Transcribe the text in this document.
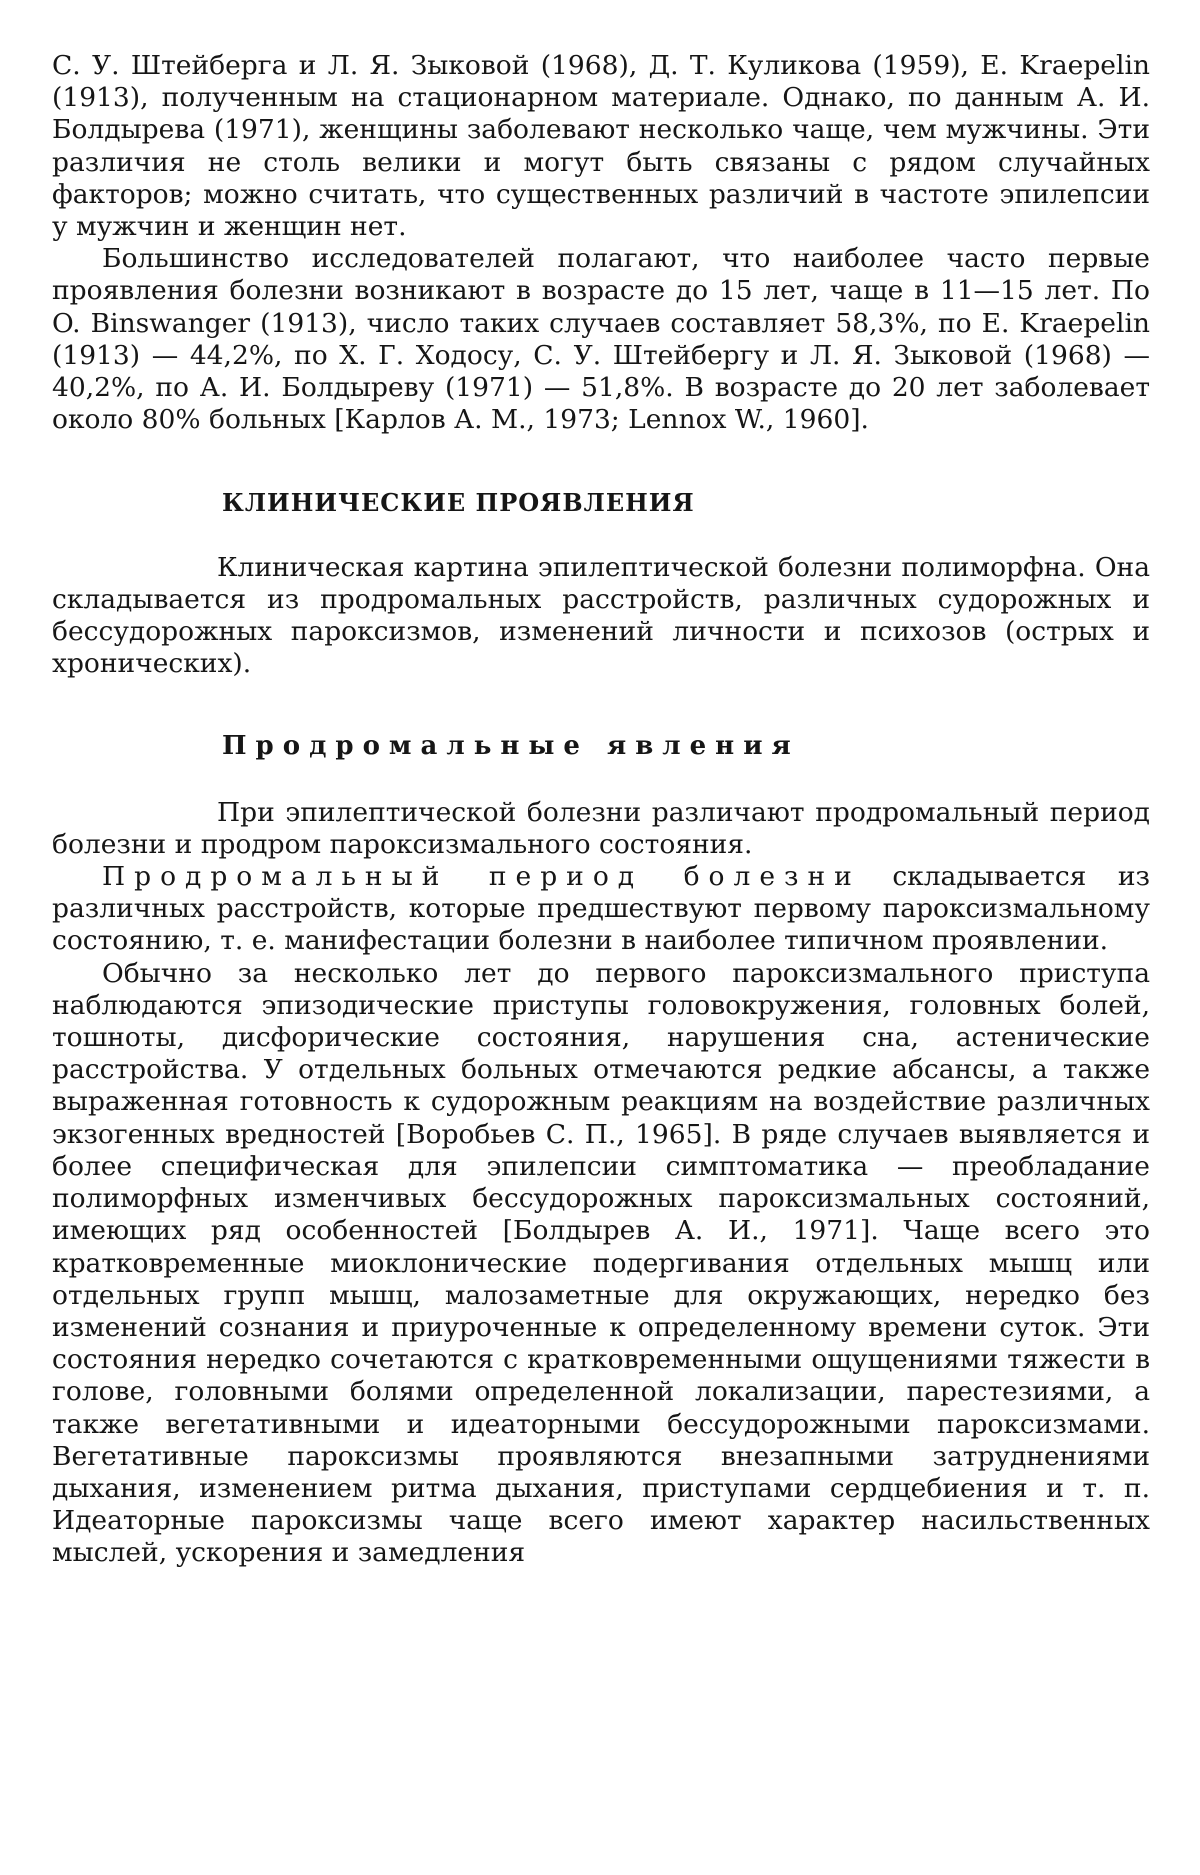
С. У. Штейберга и Л. Я. Зыковой (1968), Д. Т. Куликова (1959), E. Kraepelin (1913), полученным на стационарном материале. Однако, по данным А. И. Болдырева (1971), женщины заболевают несколько чаще, чем мужчины. Эти различия не столь велики и могут быть связаны с рядом случайных факторов; можно считать, что существенных различий в частоте эпилепсии у мужчин и женщин нет.

Большинство исследователей полагают, что наиболее часто первые проявления болезни возникают в возрасте до 15 лет, чаще в 11—15 лет. По O. Binswanger (1913), число таких случаев составляет 58,3%, по E. Kraepelin (1913) — 44,2%, по Х. Г. Ходосу, С. У. Штейбергу и Л. Я. Зыковой (1968) — 40,2%, по А. И. Болдыреву (1971) — 51,8%. В возрасте до 20 лет заболевает около 80% больных [Карлов А. М., 1973; Lennox W., 1960].

КЛИНИЧЕСКИЕ ПРОЯВЛЕНИЯ

Клиническая картина эпилептической болезни полиморфна. Она складывается из продромальных расстройств, различных судорожных и бессудорожных пароксизмов, изменений личности и психозов (острых и хронических).

Продромальные явления

При эпилептической болезни различают продромальный период болезни и продром пароксизмального состояния.

Продромальный период болезни складывается из различных расстройств, которые предшествуют первому пароксизмальному состоянию, т. е. манифестации болезни в наиболее типичном проявлении.

Обычно за несколько лет до первого пароксизмального приступа наблюдаются эпизодические приступы головокружения, головных болей, тошноты, дисфорические состояния, нарушения сна, астенические расстройства. У отдельных больных отмечаются редкие абсансы, а также выраженная готовность к судорожным реакциям на воздействие различных экзогенных вредностей [Воробьев С. П., 1965]. В ряде случаев выявляется и более специфическая для эпилепсии симптоматика — преобладание полиморфных изменчивых бессудорожных пароксизмальных состояний, имеющих ряд особенностей [Болдырев А. И., 1971]. Чаще всего это кратковременные миоклонические подергивания отдельных мышц или отдельных групп мышц, малозаметные для окружающих, нередко без изменений сознания и приуроченные к определенному времени суток. Эти состояния нередко сочетаются с кратковременными ощущениями тяжести в голове, головными болями определенной локализации, парестезиями, а также вегетативными и идеаторными бессудорожными пароксизмами. Вегетативные пароксизмы проявляются внезапными затруднениями дыхания, изменением ритма дыхания, приступами сердцебиения и т. п. Идеаторные пароксизмы чаще всего имеют характер насильственных мыслей, ускорения и замедления
